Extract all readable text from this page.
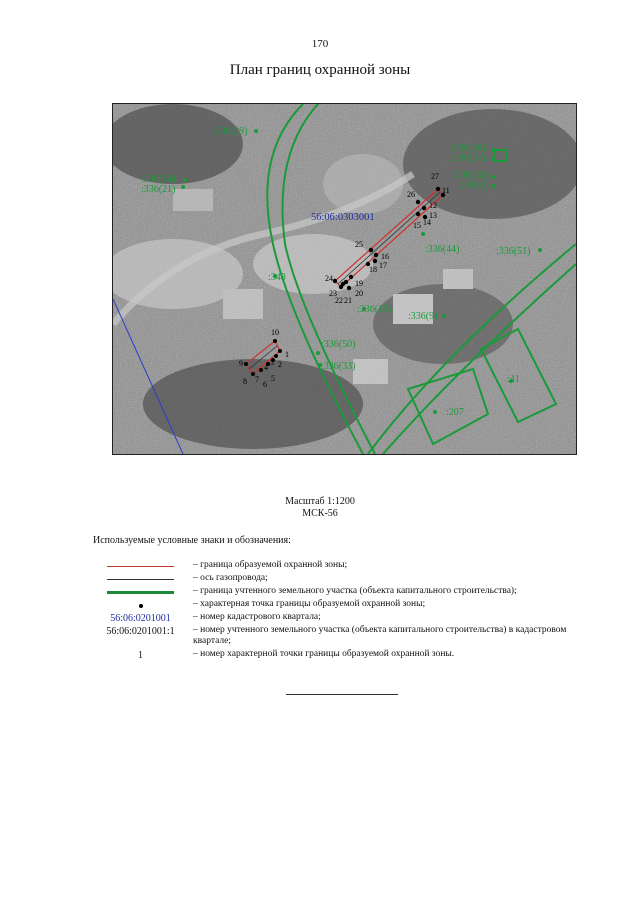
170
План границ охранной зоны
:336(29)
:336(54)
:336(21)
:336(40)
:336(31)
:336(20)
:336(6)
:336(44)	:336(51)
:348
:336(15)
:336(9)
:336(50)
:336(33)
:41
:207
56:06:0303001
27
11
26
12
13
15 14
25
16
17
18
19
24
23
22 21
20
10
1
9	3
4 2
8 7
6
5
Масштаб 1:1200
МСК-56
Используемые условные знаки и обозначения:
– граница образуемой охранной зоны;
– ось газопровода;
– граница учтенного земельного участка (объекта капитального строительства);
– характерная точка границы образуемой охранной зоны;
56:06:0201001	– номер кадастрового квартала;
56:06:0201001:1	– номер учтенного земельного участка (объекта капитального строительства) в кадастровом кварталe;
1	– номер характерной точки границы образуемой охранной зоны.
